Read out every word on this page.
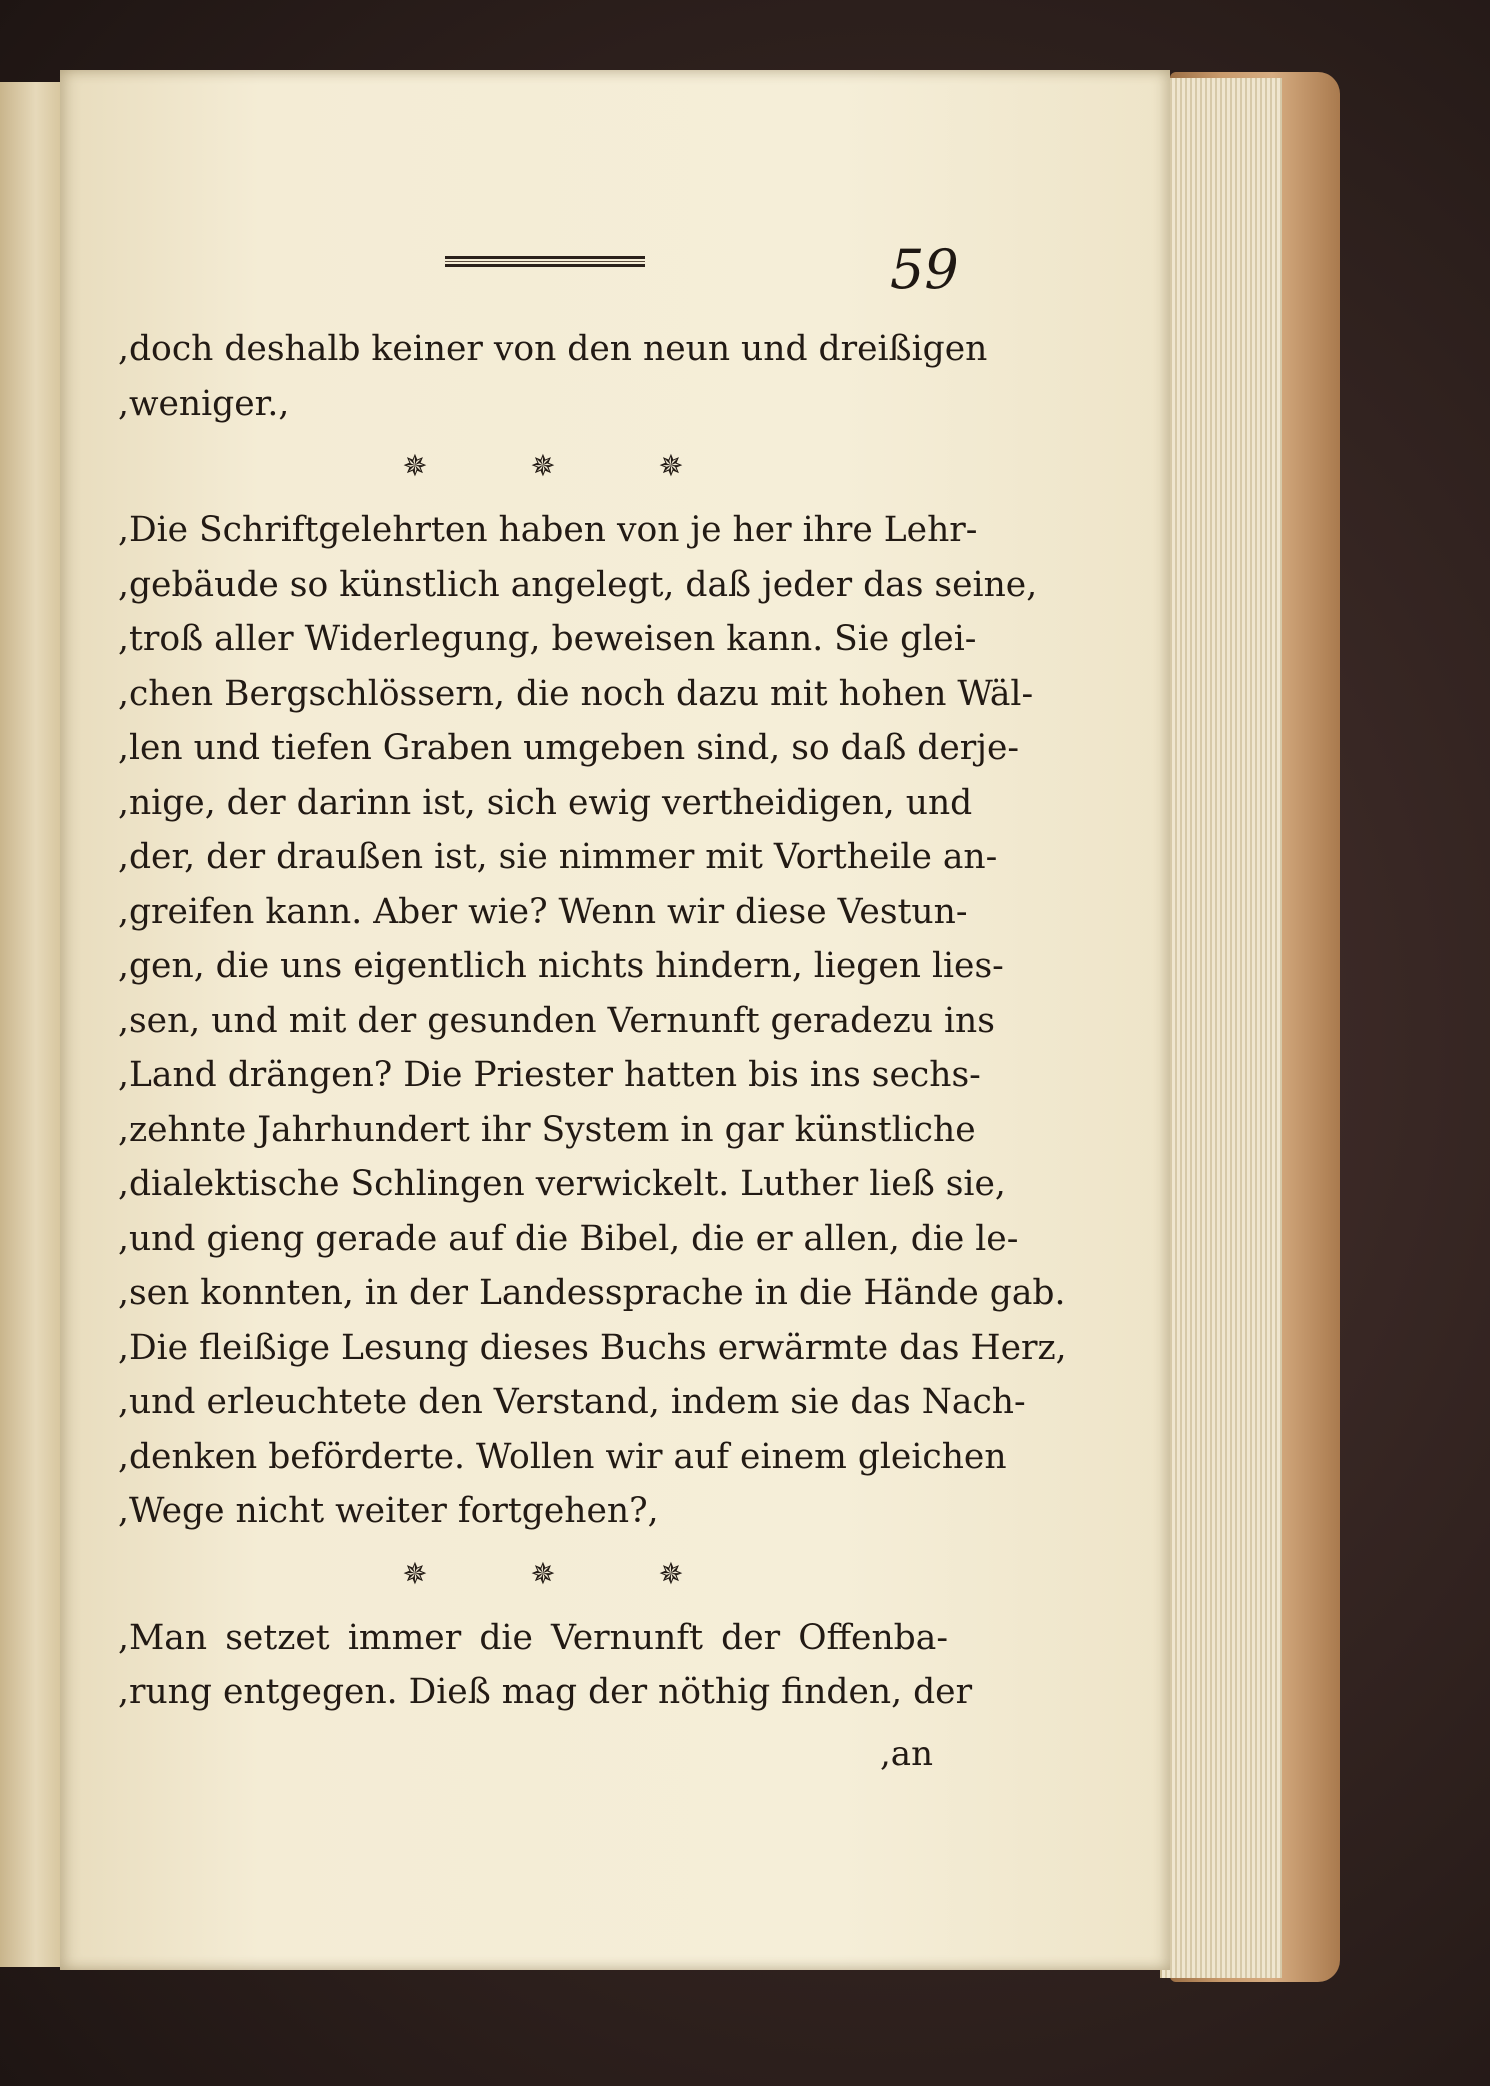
59
,doch deshalb keiner von den neun und dreißigen
,weniger.,
✵	✵	✵
,Die Schriftgelehrten haben von je her ihre Lehr-
,gebäude so künstlich angelegt, daß jeder das seine,
,troß aller Widerlegung, beweisen kann. Sie glei-
,chen Bergschlössern, die noch dazu mit hohen Wäl-
,len und tiefen Graben umgeben sind, so daß derje-
,nige, der darinn ist, sich ewig vertheidigen, und
,der, der draußen ist, sie nimmer mit Vortheile an-
,greifen kann. Aber wie? Wenn wir diese Vestun-
,gen, die uns eigentlich nichts hindern, liegen lies-
,sen, und mit der gesunden Vernunft geradezu ins
,Land drängen? Die Priester hatten bis ins sechs-
,zehnte Jahrhundert ihr System in gar künstliche
,dialektische Schlingen verwickelt. Luther ließ sie,
,und gieng gerade auf die Bibel, die er allen, die le-
,sen konnten, in der Landessprache in die Hände gab.
,Die fleißige Lesung dieses Buchs erwärmte das Herz,
,und erleuchtete den Verstand, indem sie das Nach-
,denken beförderte. Wollen wir auf einem gleichen
,Wege nicht weiter fortgehen?,
✵	✵	✵
,Man setzet immer die Vernunft der Offenba-
,rung entgegen. Dieß mag der nöthig finden, der
,an
